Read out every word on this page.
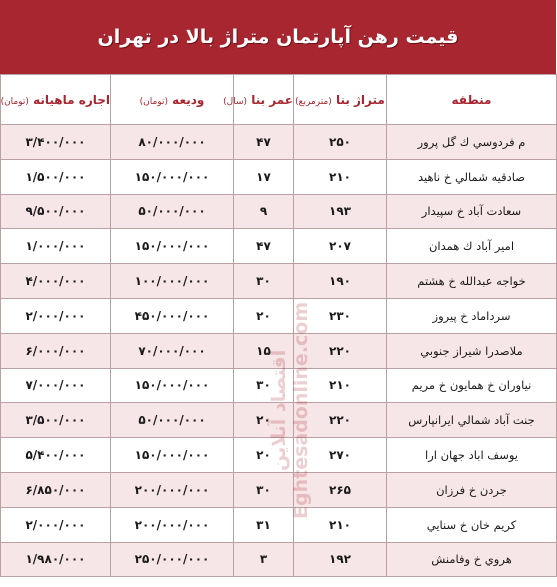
قیمت رهن آپارتمان متراژ بالا در تهران
منطقه	متراژ بنا (مترمربع)	عمر بنا (سال)	ودیعه (تومان)	اجاره ماهیانه (تومان)
م فردوسي ك گل پرور	۲۵۰	۴۷	۸۰/۰۰۰/۰۰۰	۳/۴۰۰/۰۰۰
صادقيه شمالي خ ناهيد	۲۱۰	۱۷	۱۵۰/۰۰۰/۰۰۰	۱/۵۰۰/۰۰۰
سعادت آباد خ سپيدار	۱۹۳	۹	۵۰/۰۰۰/۰۰۰	۹/۵۰۰/۰۰۰
امير آباد ك همدان	۲۰۷	۴۷	۱۵۰/۰۰۰/۰۰۰	۱/۰۰۰/۰۰۰
خواجه عبدالله خ هشتم	۱۹۰	۳۰	۱۰۰/۰۰۰/۰۰۰	۴/۰۰۰/۰۰۰
سرداماد خ پيروز	۲۳۰	۲۰	۴۵۰/۰۰۰/۰۰۰	۲/۰۰۰/۰۰۰
ملاصدرا شيراز جنوبي	۲۲۰	۱۵	۷۰/۰۰۰/۰۰۰	۶/۰۰۰/۰۰۰
نياوران خ همايون خ مريم	۲۱۰	۳۰	۱۵۰/۰۰۰/۰۰۰	۷/۰۰۰/۰۰۰
جنت آباد شمالي ايرانپارس	۲۲۰	۲۰	۵۰/۰۰۰/۰۰۰	۳/۵۰۰/۰۰۰
يوسف اباد جهان ارا	۲۷۰	۲۰	۱۵۰/۰۰۰/۰۰۰	۵/۴۰۰/۰۰۰
جردن خ فرزان	۲۶۵	۳۰	۲۰۰/۰۰۰/۰۰۰	۶/۸۵۰/۰۰۰
كريم خان خ سنايي	۲۱۰	۳۱	۲۰۰/۰۰۰/۰۰۰	۲/۰۰۰/۰۰۰
هروي خ وفامنش	۱۹۲	۳	۲۵۰/۰۰۰/۰۰۰	۱/۹۸۰/۰۰۰
اقتصاد آنلاین Eghtesadonline.com
